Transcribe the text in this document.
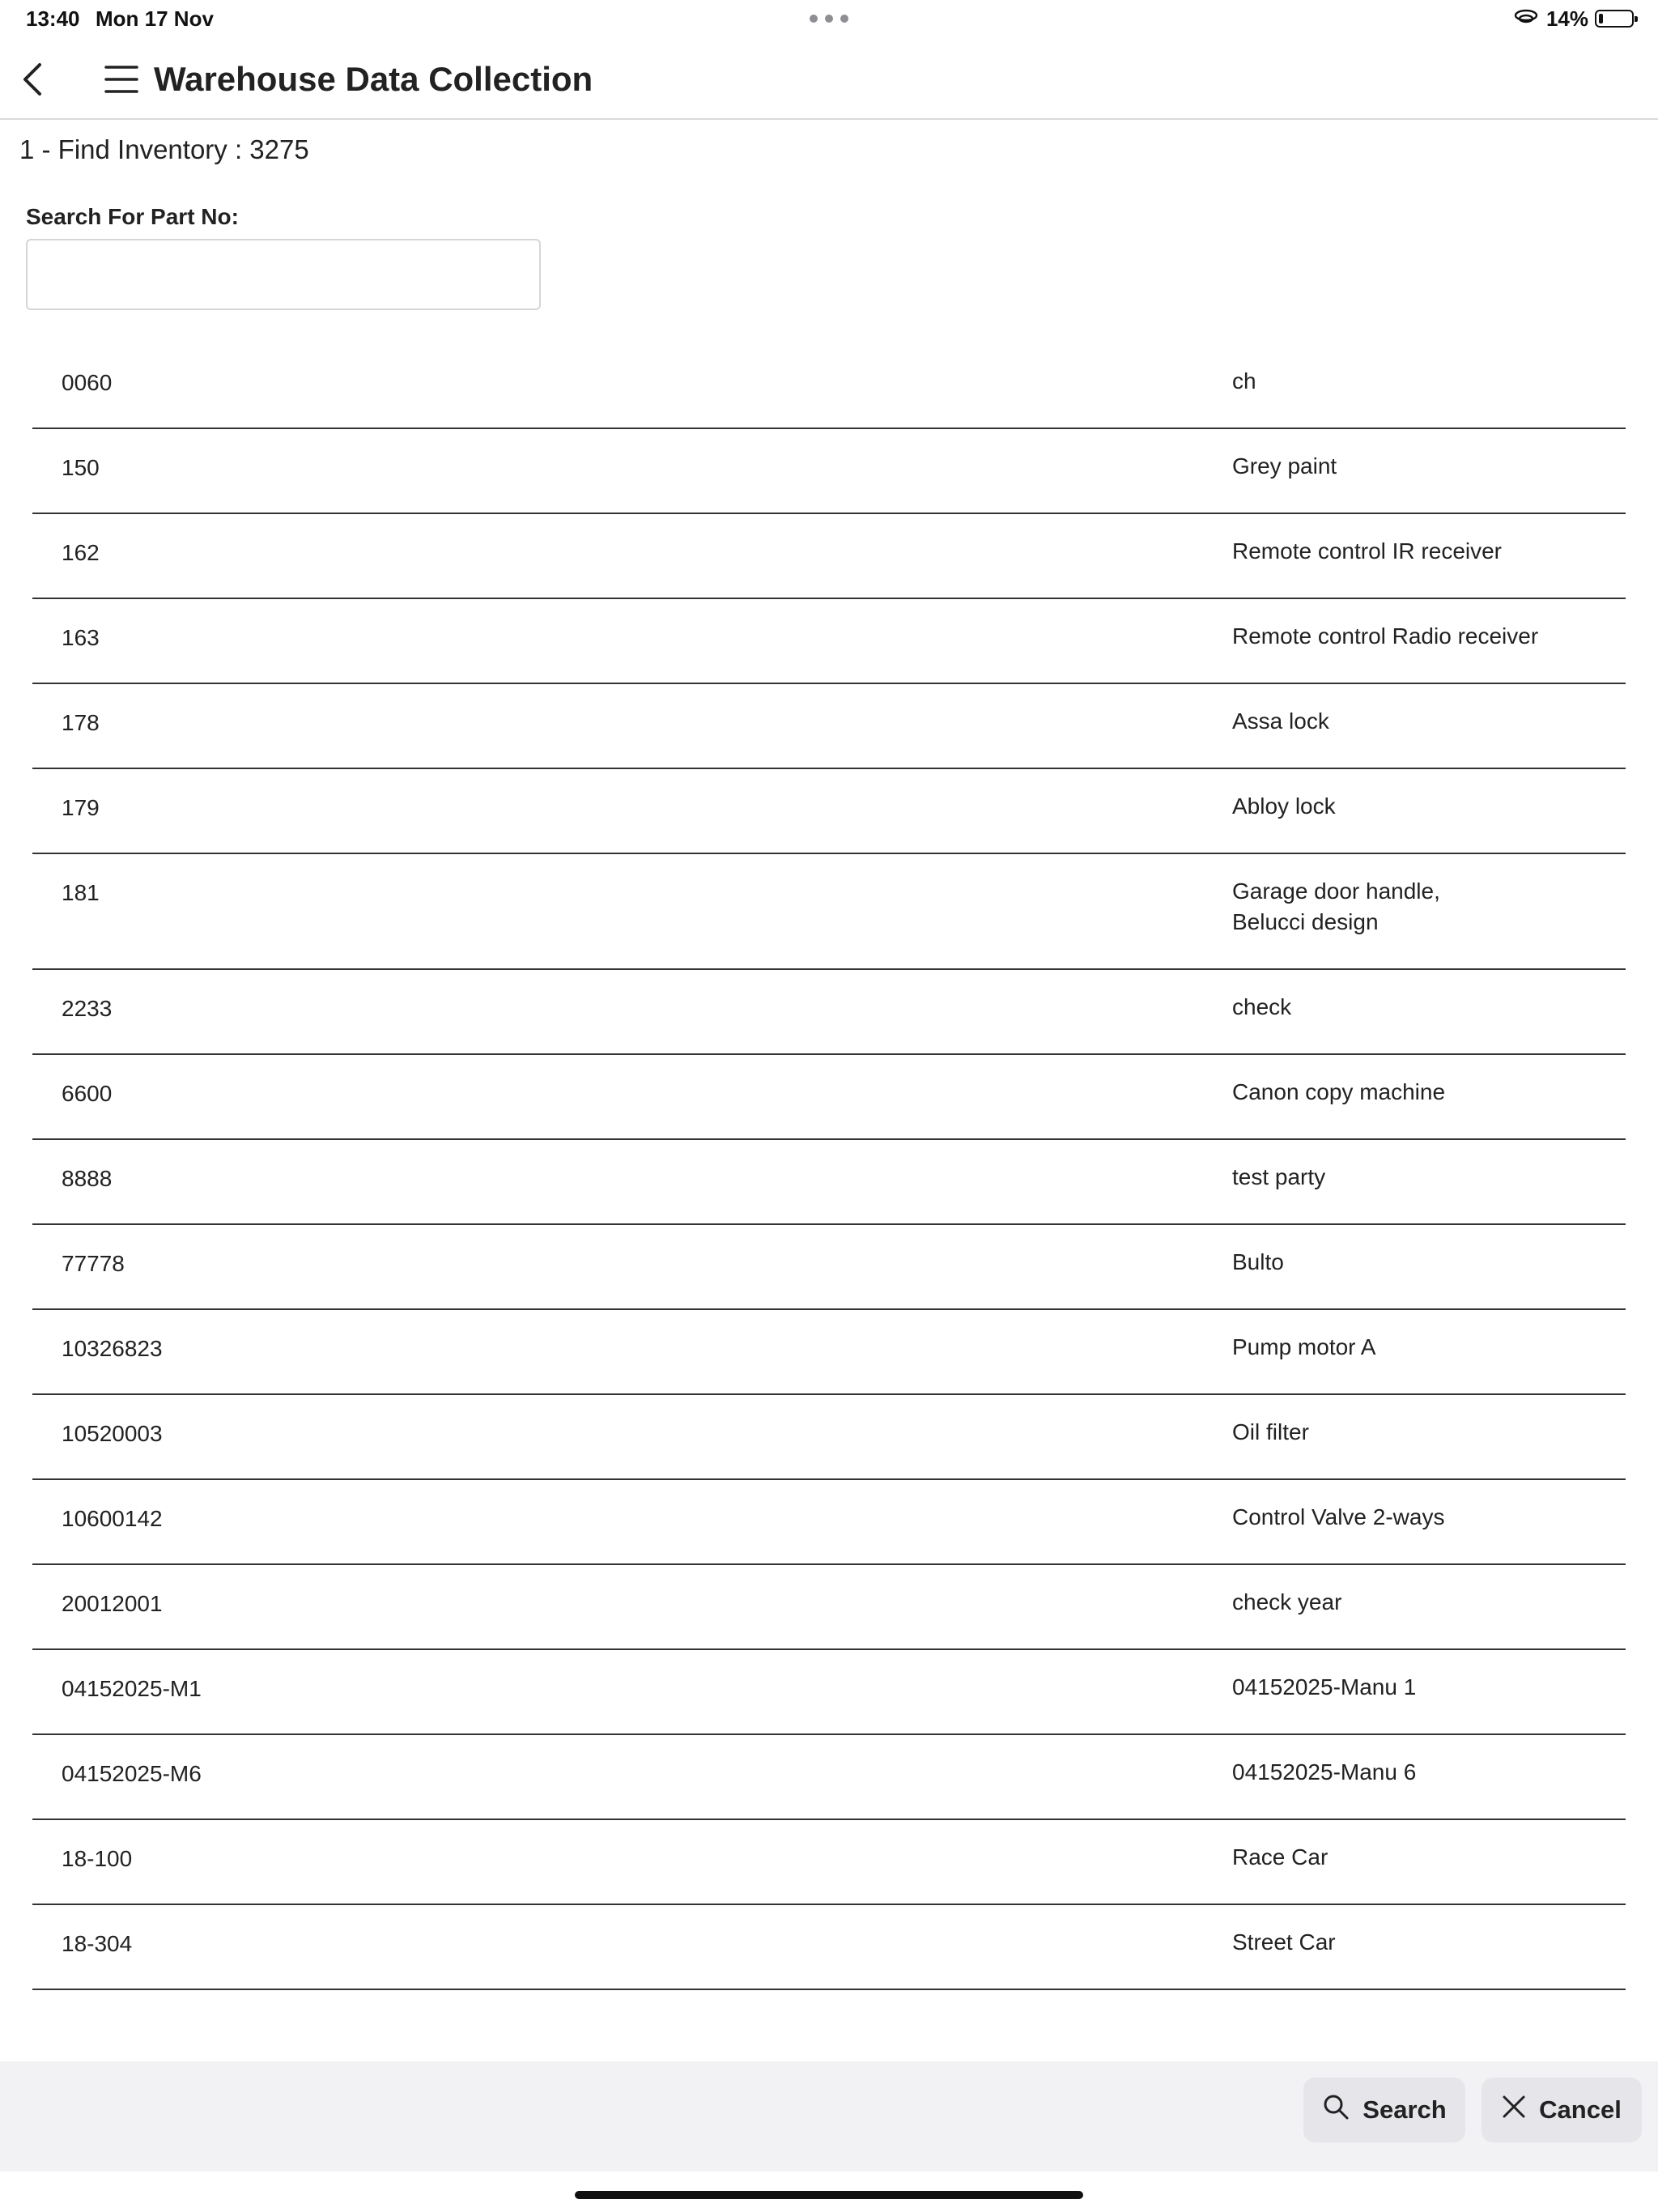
13:40 Mon 17 Nov	14%
Warehouse Data Collection
1 - Find Inventory : 3275
Search For Part No:
0060	ch
150	Grey paint
162	Remote control IR receiver
163	Remote control Radio receiver
178	Assa lock
179	Abloy lock
181	Garage door handle,
Belucci design
2233	check
6600	Canon copy machine
8888	test party
77778	Bulto
10326823	Pump motor A
10520003	Oil filter
10600142	Control Valve 2-ways
20012001	check year
04152025-M1	04152025-Manu 1
04152025-M6	04152025-Manu 6
18-100	Race Car
18-304	Street Car
Search	Cancel
